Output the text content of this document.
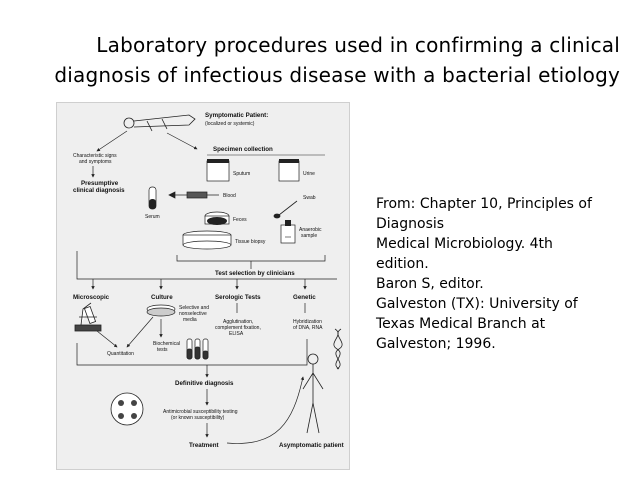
Laboratory procedures used in confirming a clinical
diagnosis of infectious disease with a bacterial etiology
Symptomatic Patient:
(localized or systemic)
Specimen collection
Characteristic signs
and symptoms
Presumptive
clinical diagnosis
Serum
Sputum	Urine
Blood	Swab
Feces
Anaerobic
sample
Tissue biopsy
Test selection by clinicians
Microscopic	Culture	Serologic Tests	Genetic
Selective and
nonselective
media	Agglutination,
complement fixation,
ELISA
Hybridization
of DNA, RNA
Quantitation
Biochemical
tests
Definitive diagnosis
Antimicrobial susceptibility testing
(or known susceptibility)
Treatment	Asymptomatic patient
From: Chapter 10, Principles of
Diagnosis
Medical Microbiology. 4th
edition.
Baron S, editor.
Galveston (TX): University of
Texas Medical Branch at
Galveston; 1996.
